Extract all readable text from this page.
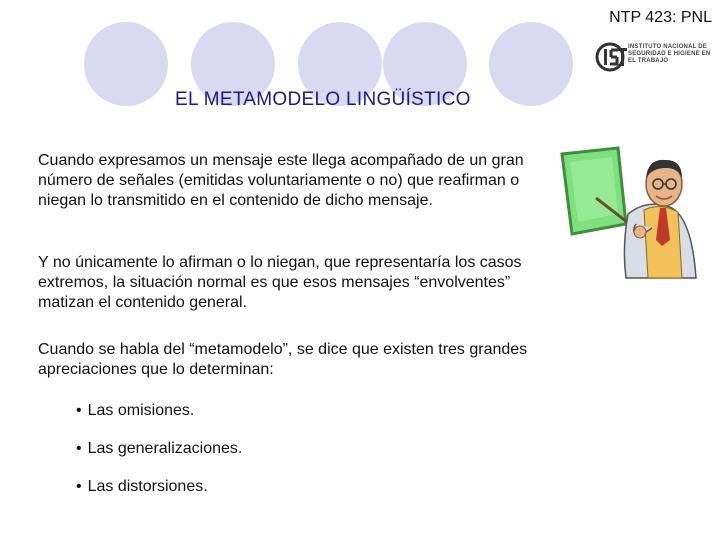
NTP 423: PNL
INSTITUTO NACIONAL DE SEGURIDAD E HIGIENE EN EL TRABAJO
EL METAMODELO LINGÜÍSTICO

Cuando expresamos un mensaje este llega acompañado de un gran número de señales (emitidas voluntariamente o no) que reafirman o niegan lo transmitido en el contenido de dicho mensaje.

Y no únicamente lo afirman o lo niegan, que representaría los casos extremos, la situación normal es que esos mensajes “envolventes” matizan el contenido general.

Cuando se habla del “metamodelo”, se dice que existen tres grandes apreciaciones que lo determinan:

• Las omisiones.
• Las generalizaciones.
• Las distorsiones.
